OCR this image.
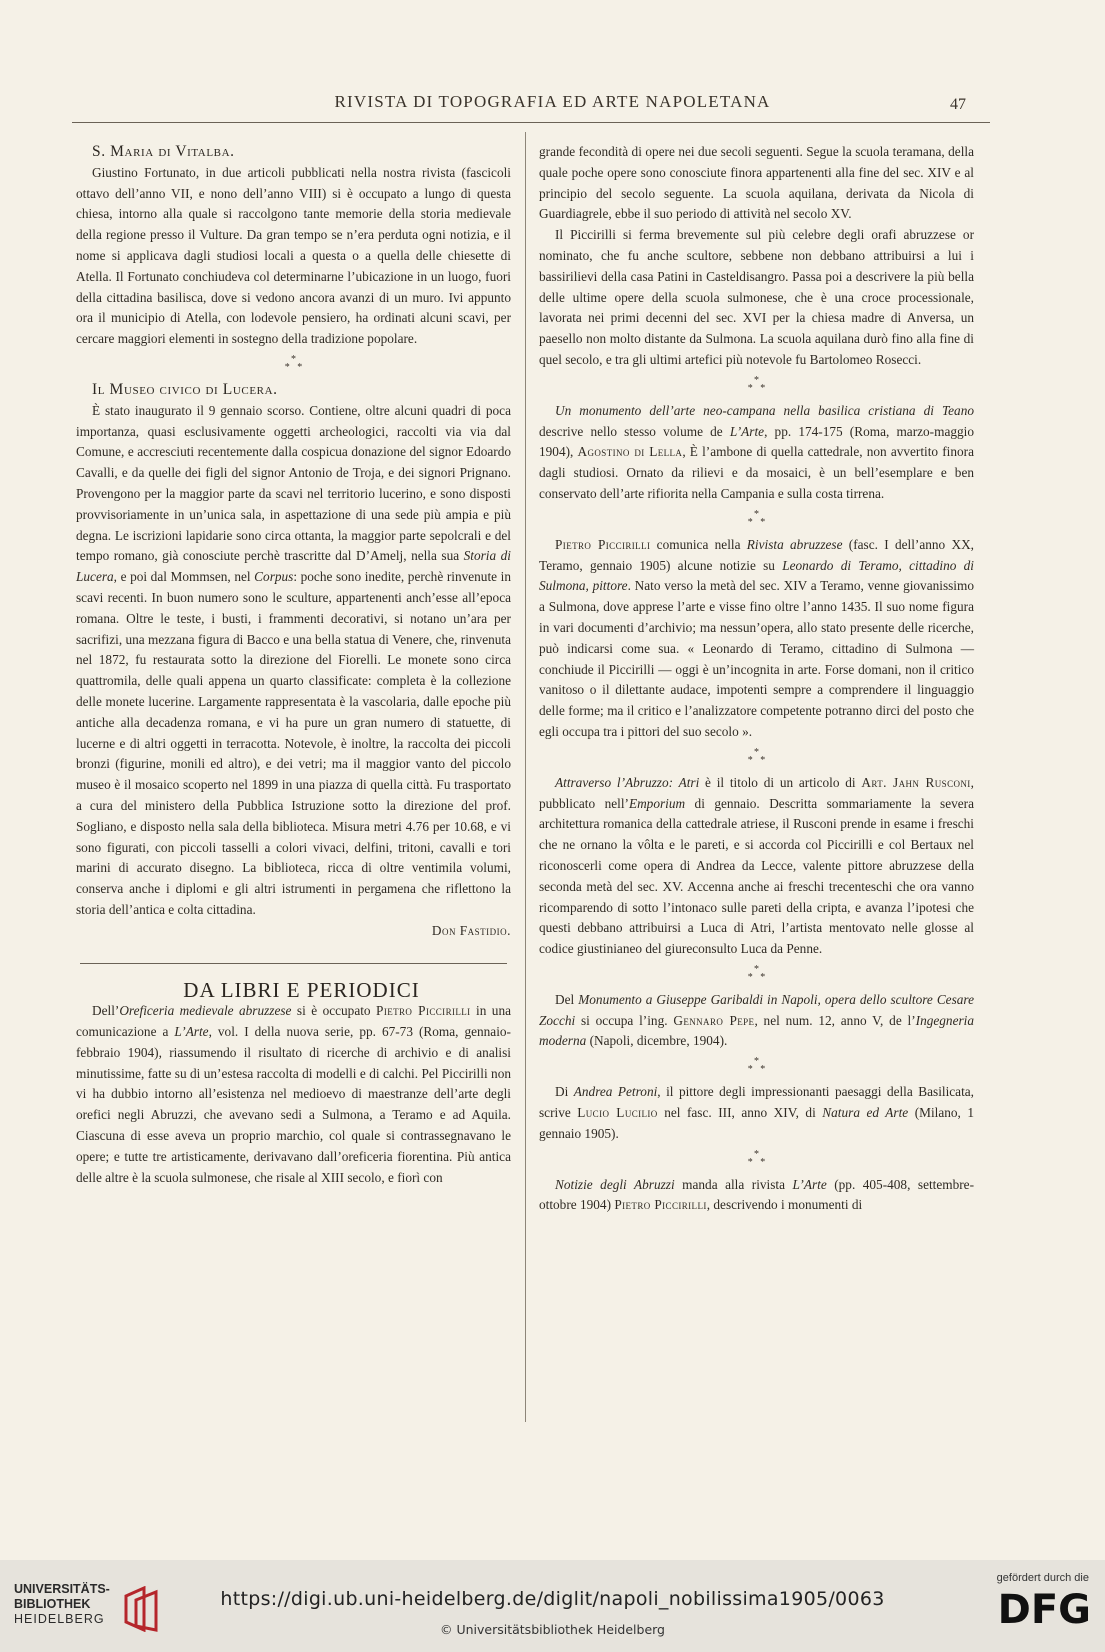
RIVISTA DI TOPOGRAFIA ED ARTE NAPOLETANA	47

S. Maria di Vitalba.

Giustino Fortunato, in due articoli pubblicati nella nostra rivista (fascicoli ottavo dell’anno VII, e nono dell’anno VIII) si è occupato a lungo di questa chiesa, intorno alla quale si raccolgono tante memorie della storia medievale della regione presso il Vulture. Da gran tempo se n’era perduta ogni notizia, e il nome si applicava dagli studiosi locali a questa o a quella delle chiesette di Atella. Il Fortunato conchiudeva col determinarne l’ubicazione in un luogo, fuori della cittadina basilisca, dove si vedono ancora avanzi di un muro. Ivi appunto ora il municipio di Atella, con lodevole pensiero, ha ordinati alcuni scavi, per cercare maggiori elementi in sostegno della tradizione popolare.

*
* *

Il Museo civico di Lucera.

È stato inaugurato il 9 gennaio scorso. Contiene, oltre alcuni quadri di poca importanza, quasi esclusivamente oggetti archeologici, raccolti via via dal Comune, e accresciuti recentemente dalla cospicua donazione del signor Edoardo Cavalli, e da quelle dei figli del signor Antonio de Troja, e dei signori Prignano. Provengono per la maggior parte da scavi nel territorio lucerino, e sono disposti provvisoriamente in un’unica sala, in aspettazione di una sede più ampia e più degna. Le iscrizioni lapidarie sono circa ottanta, la maggior parte sepolcrali e del tempo romano, già conosciute perchè trascritte dal D’Amelj, nella sua Storia di Lucera, e poi dal Mommsen, nel Corpus: poche sono inedite, perchè rinvenute in scavi recenti. In buon numero sono le sculture, appartenenti anch’esse all’epoca romana. Oltre le teste, i busti, i frammenti decorativi, si notano un’ara per sacrifizi, una mezzana figura di Bacco e una bella statua di Venere, che, rinvenuta nel 1872, fu restaurata sotto la direzione del Fiorelli. Le monete sono circa quattromila, delle quali appena un quarto classificate: completa è la collezione delle monete lucerine. Largamente rappresentata è la vascolaria, dalle epoche più antiche alla decadenza romana, e vi ha pure un gran numero di statuette, di lucerne e di altri oggetti in terracotta. Notevole, è inoltre, la raccolta dei piccoli bronzi (figurine, monili ed altro), e dei vetri; ma il maggior vanto del piccolo museo è il mosaico scoperto nel 1899 in una piazza di quella città. Fu trasportato a cura del ministero della Pubblica Istruzione sotto la direzione del prof. Sogliano, e disposto nella sala della biblioteca. Misura metri 4.76 per 10.68, e vi sono figurati, con piccoli tasselli a colori vivaci, delfini, tritoni, cavalli e tori marini di accurato disegno. La biblioteca, ricca di oltre ventimila volumi, conserva anche i diplomi e gli altri istrumenti in pergamena che riflettono la storia dell’antica e colta cittadina.

Don Fastidio.

DA LIBRI E PERIODICI

Dell’Oreficeria medievale abruzzese si è occupato Pietro Piccirilli in una comunicazione a L’Arte, vol. I della nuova serie, pp. 67-73 (Roma, gennaio-febbraio 1904), riassumendo il risultato di ricerche di archivio e di analisi minutissime, fatte su di un’estesa raccolta di modelli e di calchi. Pel Piccirilli non vi ha dubbio intorno all’esistenza nel medioevo di maestranze dell’arte degli orefici negli Abruzzi, che avevano sedi a Sulmona, a Teramo e ad Aquila. Ciascuna di esse aveva un proprio marchio, col quale si contrassegnavano le opere; e tutte tre artisticamente, derivavano dall’oreficeria fiorentina. Più antica delle altre è la scuola sulmonese, che risale al XIII secolo, e fiorì con

grande fecondità di opere nei due secoli seguenti. Segue la scuola teramana, della quale poche opere sono conosciute finora appartenenti alla fine del sec. XIV e al principio del secolo seguente. La scuola aquilana, derivata da Nicola di Guardiagrele, ebbe il suo periodo di attività nel secolo XV.

Il Piccirilli si ferma brevemente sul più celebre degli orafi abruzzese or nominato, che fu anche scultore, sebbene non debbano attribuirsi a lui i bassirilievi della casa Patini in Casteldisangro. Passa poi a descrivere la più bella delle ultime opere della scuola sulmonese, che è una croce processionale, lavorata nei primi decenni del sec. XVI per la chiesa madre di Anversa, un paesello non molto distante da Sulmona. La scuola aquilana durò fino alla fine di quel secolo, e tra gli ultimi artefici più notevole fu Bartolomeo Rosecci.

*
* *

Un monumento dell’arte neo-campana nella basilica cristiana di Teano descrive nello stesso volume de L’Arte, pp. 174-175 (Roma, marzo-maggio 1904), Agostino di Lella, È l’ambone di quella cattedrale, non avvertito finora dagli studiosi. Ornato da rilievi e da mosaici, è un bell’esemplare e ben conservato dell’arte rifiorita nella Campania e sulla costa tirrena.

*
* *

Pietro Piccirilli comunica nella Rivista abruzzese (fasc. I dell’anno XX, Teramo, gennaio 1905) alcune notizie su Leonardo di Teramo, cittadino di Sulmona, pittore. Nato verso la metà del sec. XIV a Teramo, venne giovanissimo a Sulmona, dove apprese l’arte e visse fino oltre l’anno 1435. Il suo nome figura in vari documenti d’archivio; ma nessun’opera, allo stato presente delle ricerche, può indicarsi come sua. « Leonardo di Teramo, cittadino di Sulmona — conchiude il Piccirilli — oggi è un’incognita in arte. Forse domani, non il critico vanitoso o il dilettante audace, impotenti sempre a comprendere il linguaggio delle forme; ma il critico e l’analizzatore competente potranno dirci del posto che egli occupa tra i pittori del suo secolo ».

*
* *

Attraverso l’Abruzzo: Atri è il titolo di un articolo di Art. Jahn Rusconi, pubblicato nell’Emporium di gennaio. Descritta sommariamente la severa architettura romanica della cattedrale atriese, il Rusconi prende in esame i freschi che ne ornano la vôlta e le pareti, e si accorda col Piccirilli e col Bertaux nel riconoscerli come opera di Andrea da Lecce, valente pittore abruzzese della seconda metà del sec. XV. Accenna anche ai freschi trecenteschi che ora vanno ricomparendo di sotto l’intonaco sulle pareti della cripta, e avanza l’ipotesi che questi debbano attribuirsi a Luca di Atri, l’artista mentovato nelle glosse al codice giustinianeo del giureconsulto Luca da Penne.

*
* *

Del Monumento a Giuseppe Garibaldi in Napoli, opera dello scultore Cesare Zocchi si occupa l’ing. Gennaro Pepe, nel num. 12, anno V, de l’Ingegneria moderna (Napoli, dicembre, 1904).

*
* *

Di Andrea Petroni, il pittore degli impressionanti paesaggi della Basilicata, scrive Lucio Lucilio nel fasc. III, anno XIV, di Natura ed Arte (Milano, 1 gennaio 1905).

*
* *

Notizie degli Abruzzi manda alla rivista L’Arte (pp. 405-408, settembre-ottobre 1904) Pietro Piccirilli, descrivendo i monumenti di

UNIVERSITÄTS-
BIBLIOTHEK
HEIDELBERG
https://digi.ub.uni-heidelberg.de/diglit/napoli_nobilissima1905/0063
© Universitätsbibliothek Heidelberg
gefördert durch die
DFG
